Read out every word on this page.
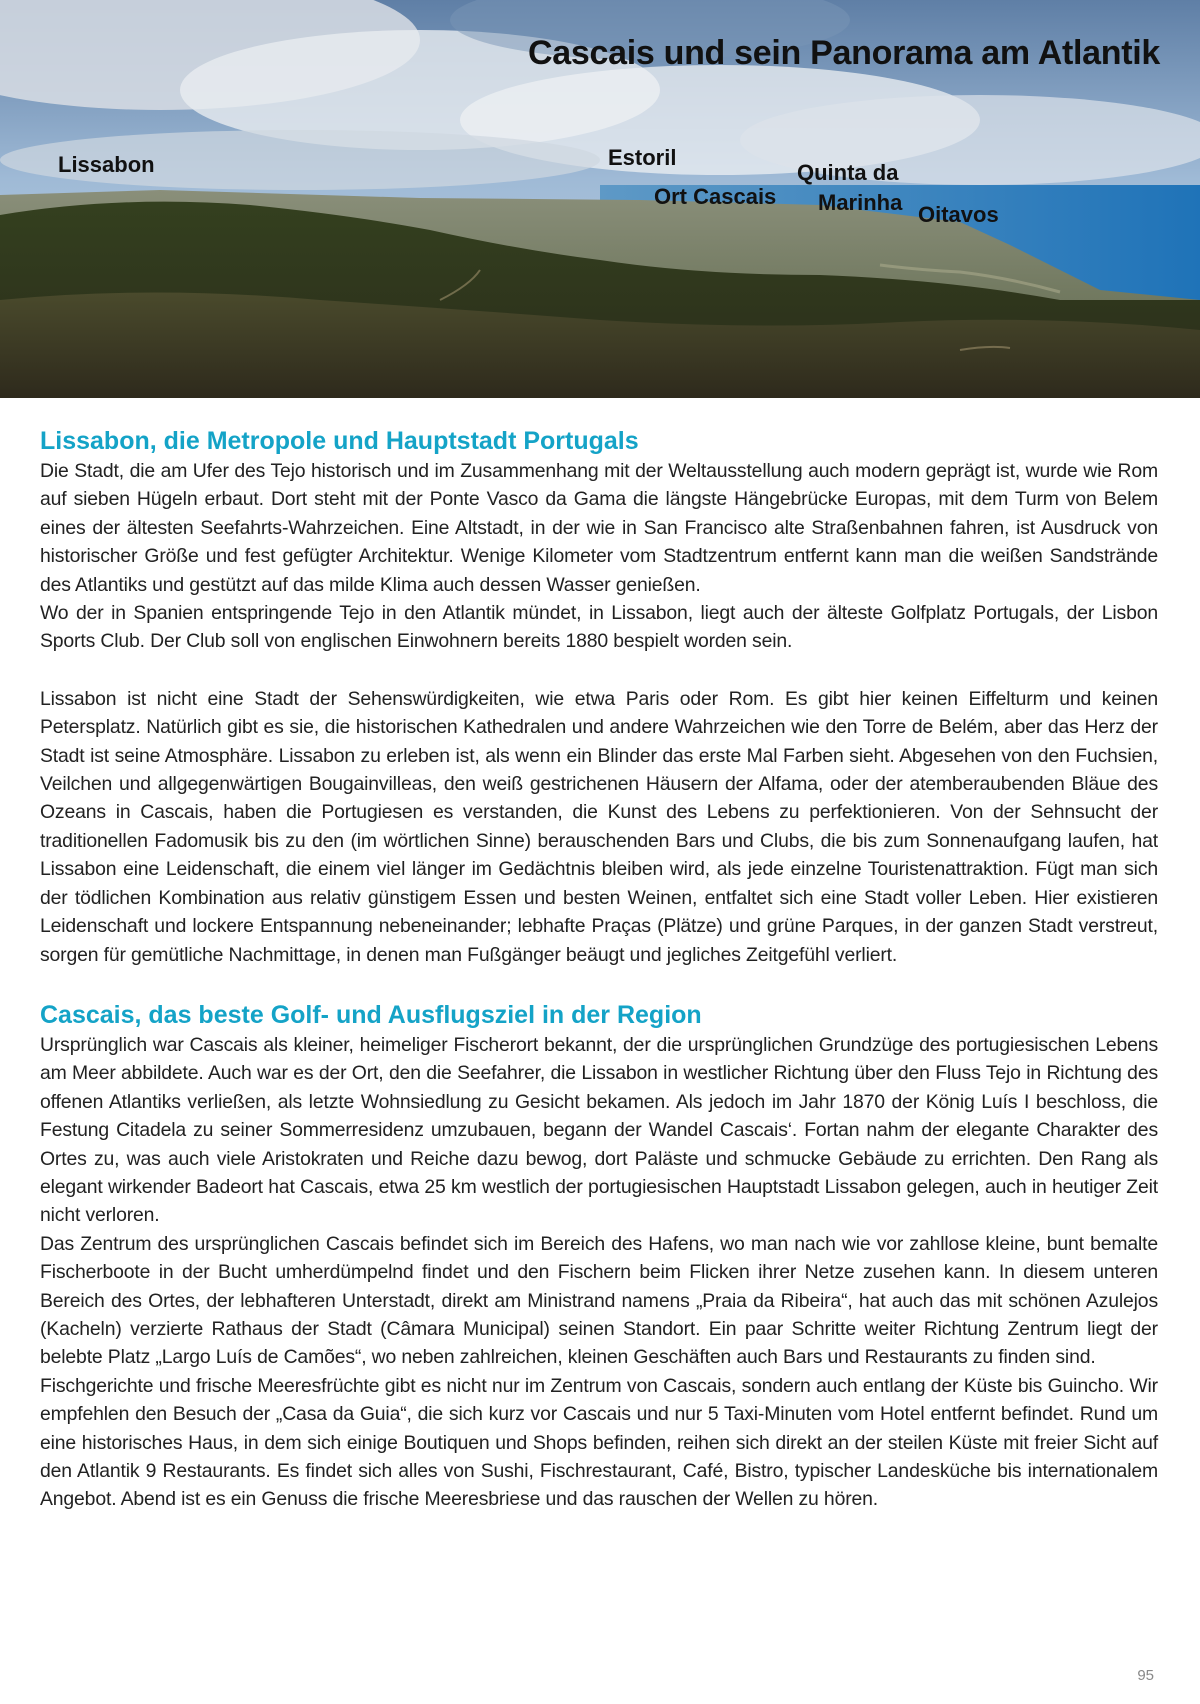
Cascais und sein Panorama am Atlantik
Lissabon	Estoril
Quinta da
Marinha
Ort Cascais
Oitavos
Lissabon, die Metropole und Hauptstadt Portugals

Die Stadt, die am Ufer des Tejo historisch und im Zusammenhang mit der Weltausstellung auch modern geprägt ist, wurde wie Rom auf sieben Hügeln erbaut. Dort steht mit der Ponte Vasco da Gama die längste Hängebrücke Europas, mit dem Turm von Belem eines der ältesten Seefahrts-Wahrzeichen. Eine Altstadt, in der wie in San Francisco alte Straßenbahnen fahren, ist Ausdruck von historischer Größe und fest gefügter Architektur. Wenige Kilometer vom Stadtzentrum entfernt kann man die weißen Sandstrände des Atlantiks und gestützt auf das milde Klima auch dessen Wasser genießen.

Wo der in Spanien entspringende Tejo in den Atlantik mündet, in Lissabon, liegt auch der älteste Golfplatz Portugals, der Lisbon Sports Club. Der Club soll von englischen Einwohnern bereits 1880 bespielt worden sein.

Lissabon ist nicht eine Stadt der Sehenswürdigkeiten, wie etwa Paris oder Rom. Es gibt hier keinen Eiffelturm und keinen Petersplatz. Natürlich gibt es sie, die historischen Kathedralen und andere Wahrzeichen wie den Torre de Belém, aber das Herz der Stadt ist seine Atmosphäre. Lissabon zu erleben ist, als wenn ein Blinder das erste Mal Farben sieht. Abgesehen von den Fuchsien, Veilchen und allgegenwärtigen Bougainvilleas, den weiß gestrichenen Häusern der Alfama, oder der atemberaubenden Bläue des Ozeans in Cascais, haben die Portugiesen es verstanden, die Kunst des Lebens zu perfektionieren. Von der Sehnsucht der traditionellen Fadomusik bis zu den (im wörtlichen Sinne) berauschenden Bars und Clubs, die bis zum Sonnenaufgang laufen, hat Lissabon eine Leidenschaft, die einem viel länger im Gedächtnis bleiben wird, als jede einzelne Touristenattraktion. Fügt man sich der tödlichen Kombination aus relativ günstigem Essen und besten Weinen, entfaltet sich eine Stadt voller Leben. Hier existieren Leidenschaft und lockere Entspannung nebeneinander; lebhafte Praças (Plätze) und grüne Parques, in der ganzen Stadt verstreut, sorgen für gemütliche Nachmittage, in denen man Fußgänger beäugt und jegliches Zeitgefühl verliert.

Cascais, das beste Golf- und Ausflugsziel in der Region

Ursprünglich war Cascais als kleiner, heimeliger Fischerort bekannt, der die ursprünglichen Grundzüge des portugiesischen Lebens am Meer abbildete. Auch war es der Ort, den die Seefahrer, die Lissabon in westlicher Richtung über den Fluss Tejo in Richtung des offenen Atlantiks verließen, als letzte Wohnsiedlung zu Gesicht bekamen. Als jedoch im Jahr 1870 der König Luís I beschloss, die Festung Citadela zu seiner Sommerresidenz umzubauen, begann der Wandel Cascais‘. Fortan nahm der elegante Charakter des Ortes zu, was auch viele Aristokraten und Reiche dazu bewog, dort Paläste und schmucke Gebäude zu errichten. Den Rang als elegant wirkender Badeort hat Cascais, etwa 25 km westlich der portugiesischen Hauptstadt Lissabon gelegen, auch in heutiger Zeit nicht verloren.

Das Zentrum des ursprünglichen Cascais befindet sich im Bereich des Hafens, wo man nach wie vor zahllose kleine, bunt bemalte Fischerboote in der Bucht umherdümpelnd findet und den Fischern beim Flicken ihrer Netze zusehen kann. In diesem unteren Bereich des Ortes, der lebhafteren Unterstadt, direkt am Ministrand namens „Praia da Ribeira“, hat auch das mit schönen Azulejos (Kacheln) verzierte Rathaus der Stadt (Câmara Municipal) seinen Standort. Ein paar Schritte weiter Richtung Zentrum liegt der belebte Platz „Largo Luís de Camões“, wo neben zahlreichen, kleinen Geschäften auch Bars und Restaurants zu finden sind.

Fischgerichte und frische Meeresfrüchte gibt es nicht nur im Zentrum von Cascais, sondern auch entlang der Küste bis Guincho. Wir empfehlen den Besuch der „Casa da Guia“, die sich kurz vor Cascais und nur 5 Taxi-Minuten vom Hotel entfernt befindet. Rund um eine historisches Haus, in dem sich einige Boutiquen und Shops befinden, reihen sich direkt an der steilen Küste mit freier Sicht auf den Atlantik 9 Restaurants. Es findet sich alles von Sushi, Fischrestaurant, Café, Bistro, typischer Landesküche bis internationalem Angebot. Abend ist es ein Genuss die frische Meeresbriese und das rauschen der Wellen zu hören.

95
